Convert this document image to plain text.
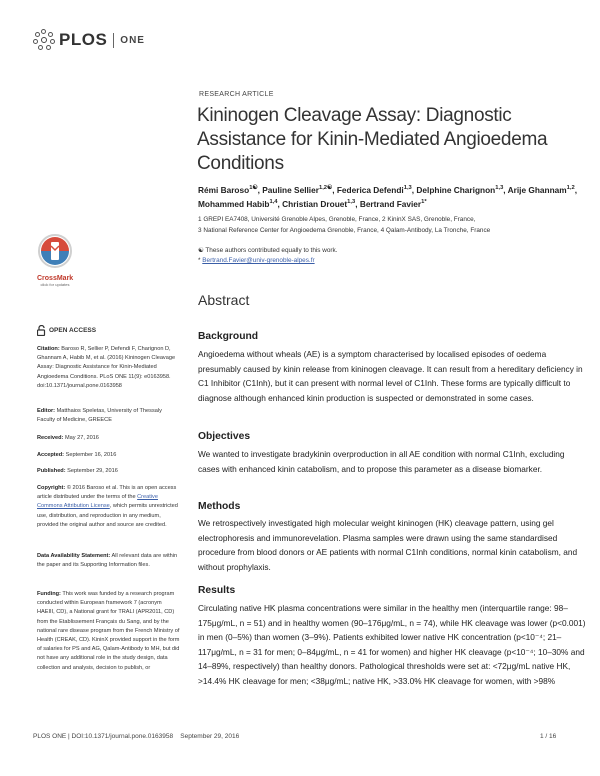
PLOS ONE
RESEARCH ARTICLE
Kininogen Cleavage Assay: Diagnostic Assistance for Kinin-Mediated Angioedema Conditions
Rémi Baroso$^{1☯}$, Pauline Sellier$^{1,2☯}$, Federica Defendi$^{1,3}$, Delphine Charignon$^{1,3}$, Arije Ghannam$^{1,2}$, Mohammed Habib$^{1,4}$, Christian Drouet$^{1,3}$, Bertrand Favier$^{1*}$
1 GREPI EA7408, Université Grenoble Alpes, Grenoble, France, 2 KininX SAS, Grenoble, France,
3 National Reference Center for Angioedema Grenoble, France, 4 Qalam-Antibody, La Tronche, France
☯ These authors contributed equally to this work.
* Bertrand.Favier@univ-grenoble-alpes.fr
Abstract
Background
Angioedema without wheals (AE) is a symptom characterised by localised episodes of oedema presumably caused by kinin release from kininogen cleavage. It can result from a hereditary deficiency in C1 Inhibitor (C1Inh), but it can present with normal level of C1Inh. These forms are typically difficult to diagnose although enhanced kinin production is suspected or demonstrated in some cases.
Objectives
We wanted to investigate bradykinin overproduction in all AE condition with normal C1Inh, excluding cases with enhanced kinin catabolism, and to propose this parameter as a disease biomarker.
Methods
We retrospectively investigated high molecular weight kininogen (HK) cleavage pattern, using gel electrophoresis and immunorevelation. Plasma samples were drawn using the same standardised procedure from blood donors or AE patients with normal C1Inh conditions, normal kinin catabolism, and without prophylaxis.
Results
Circulating native HK plasma concentrations were similar in the healthy men (interquartile range: 98–175μg/mL, n = 51) and in healthy women (90–176μg/mL, n = 74), while HK cleavage was lower (p<0.001) in men (0–5%) than women (3–9%). Patients exhibited lower native HK concentration (p<10⁻⁴; 21–117μg/mL, n = 31 for men; 0–84μg/mL, n = 41 for women) and higher HK cleavage (p<10⁻⁴; 10–30% and 14–89%, respectively) than healthy donors. Pathological thresholds were set at: <72μg/mL native HK, >14.4% HK cleavage for men; <38μg/mL; native HK, >33.0% HK cleavage for women, with >98%
CrossMark
click for updates
OPEN ACCESS
Citation: Baroso R, Sellier P, Defendi F, Charignon D, Ghannam A, Habib M, et al. (2016) Kininogen Cleavage Assay: Diagnostic Assistance for Kinin-Mediated Angioedema Conditions. PLoS ONE 11(9): e0163958. doi:10.1371/journal.pone.0163958
Editor: Matthaios Speletas, University of Thessaly Faculty of Medicine, GREECE
Received: May 27, 2016
Accepted: September 16, 2016
Published: September 29, 2016
Copyright: © 2016 Baroso et al. This is an open access article distributed under the terms of the Creative Commons Attribution License, which permits unrestricted use, distribution, and reproduction in any medium, provided the original author and source are credited.
Data Availability Statement: All relevant data are within the paper and its Supporting Information files.
Funding: This work was funded by a research program conducted within European framework 7 (acronym HAEIII, CD), a National grant for TRALI (APR2011, CD) from the Etablissement Français du Sang, and by the national rare disease program from the French Ministry of Health (CREAK, CD). KininX provided support in the form of salaries for PS and AG, Qalam-Antibody to MH, but did not have any additional role in the study design, data collection and analysis, decision to publish, or
PLOS ONE | DOI:10.1371/journal.pone.0163958    September 29, 2016	1 / 16
